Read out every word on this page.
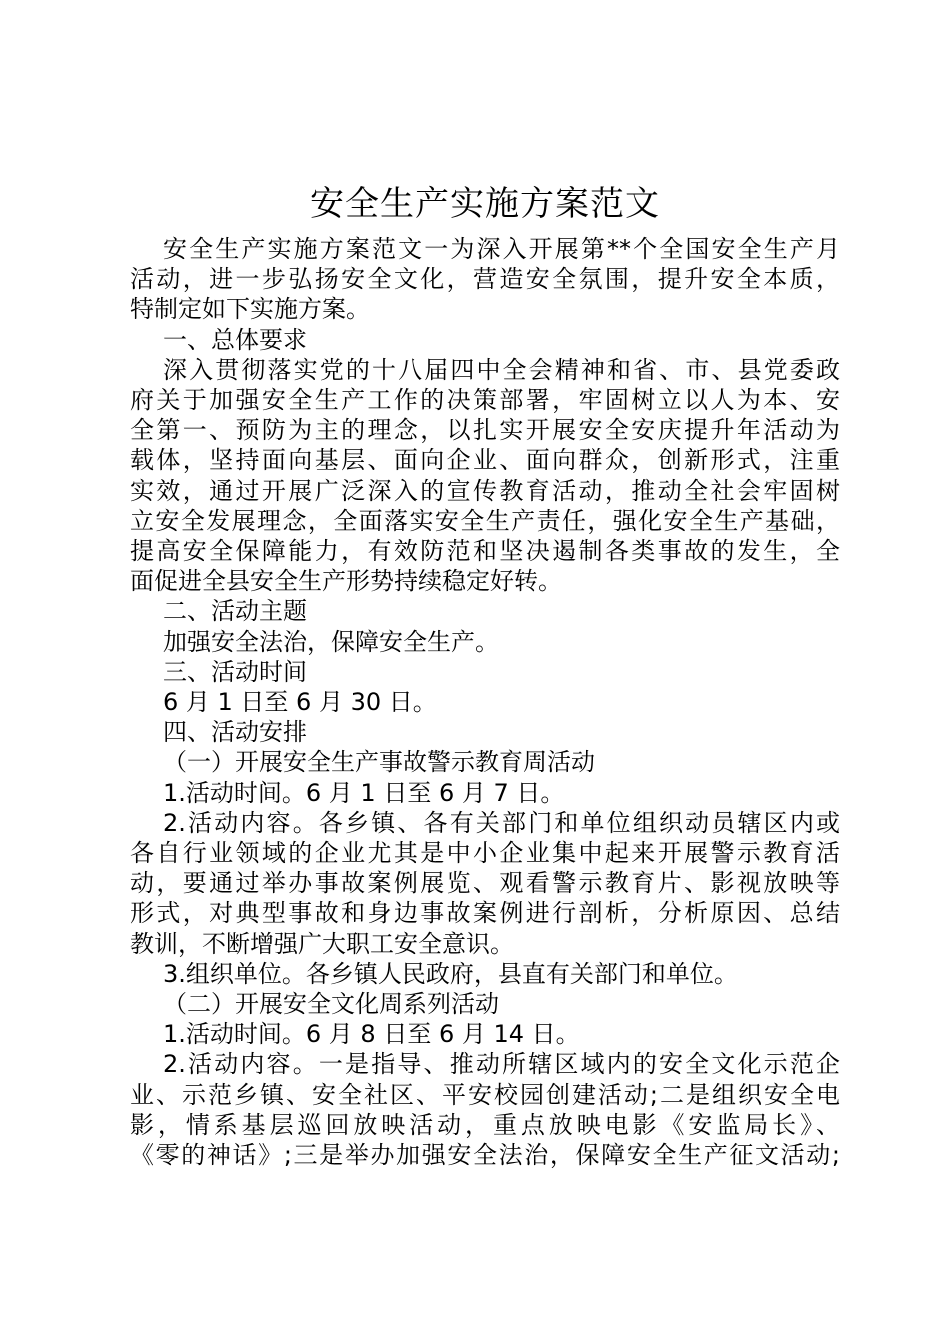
安全生产实施方案范文

安全生产实施方案范文一为深入开展第**个全国安全生产月

活动，进一步弘扬安全文化，营造安全氛围，提升安全本质，

特制定如下实施方案。

一、总体要求

深入贯彻落实党的十八届四中全会精神和省、市、县党委政

府关于加强安全生产工作的决策部署，牢固树立以人为本、安

全第一、预防为主的理念，以扎实开展安全安庆提升年活动为

载体，坚持面向基层、面向企业、面向群众，创新形式，注重

实效，通过开展广泛深入的宣传教育活动，推动全社会牢固树

立安全发展理念，全面落实安全生产责任，强化安全生产基础，

提高安全保障能力，有效防范和坚决遏制各类事故的发生，全

面促进全县安全生产形势持续稳定好转。

二、活动主题

加强安全法治，保障安全生产。

三、活动时间

6 月 1 日至 6 月 30 日。

四、活动安排

（一）开展安全生产事故警示教育周活动

1.活动时间。6 月 1 日至 6 月 7 日。

2.活动内容。各乡镇、各有关部门和单位组织动员辖区内或

各自行业领域的企业尤其是中小企业集中起来开展警示教育活

动，要通过举办事故案例展览、观看警示教育片、影视放映等

形式，对典型事故和身边事故案例进行剖析，分析原因、总结

教训，不断增强广大职工安全意识。

3.组织单位。各乡镇人民政府，县直有关部门和单位。

（二）开展安全文化周系列活动

1.活动时间。6 月 8 日至 6 月 14 日。

2.活动内容。一是指导、推动所辖区域内的安全文化示范企

业、示范乡镇、安全社区、平安校园创建活动;二是组织安全电

影，情系基层巡回放映活动，重点放映电影《安监局长》、

《零的神话》;三是举办加强安全法治，保障安全生产征文活动;
